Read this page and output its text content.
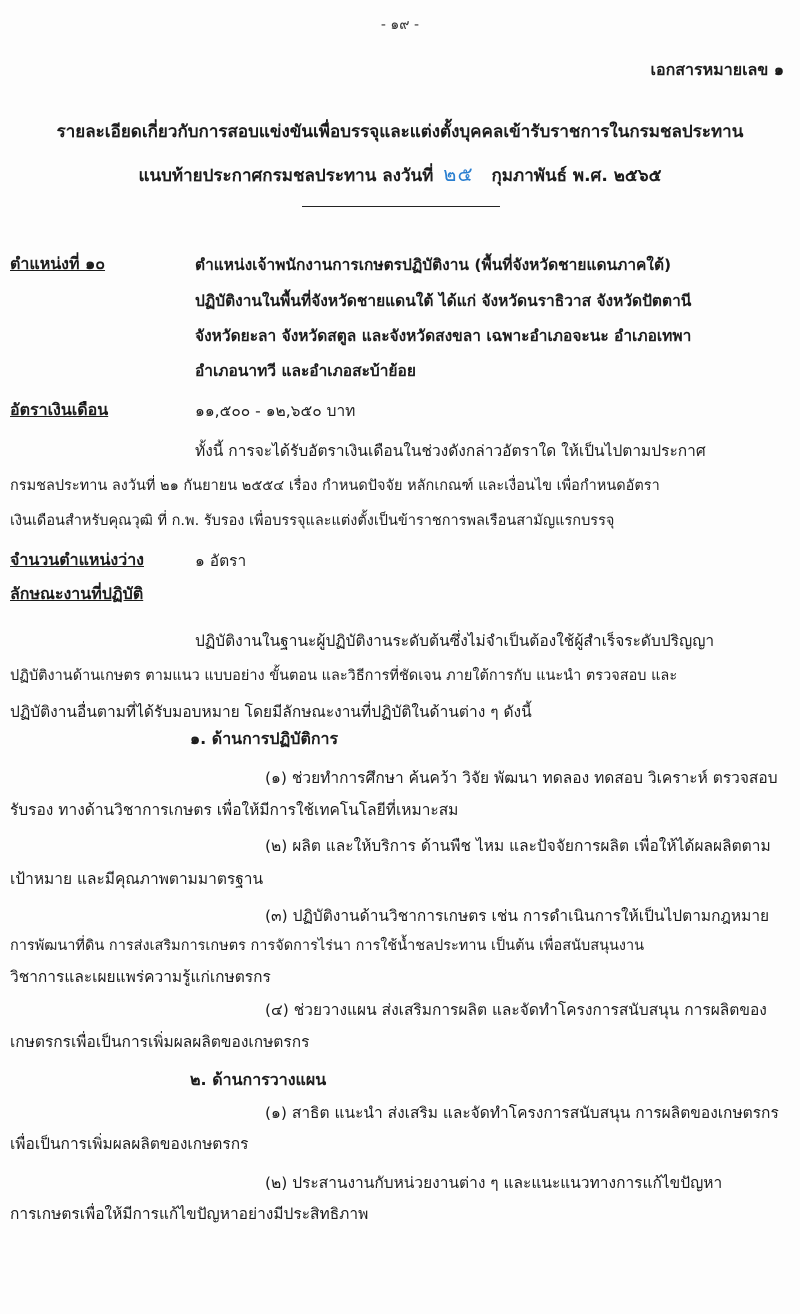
- ๑๙ -
เอกสารหมายเลข ๑
รายละเอียดเกี่ยวกับการสอบแข่งขันเพื่อบรรจุและแต่งตั้งบุคคลเข้ารับราชการในกรมชลประทาน
แนบท้ายประกาศกรมชลประทาน ลงวันที่ ๒๕ กุมภาพันธ์ พ.ศ. ๒๕๖๕
ตำแหน่งที่ ๑๐	ตำแหน่งเจ้าพนักงานการเกษตรปฏิบัติงาน (พื้นที่จังหวัดชายแดนภาคใต้)
ปฏิบัติงานในพื้นที่จังหวัดชายแดนใต้ ได้แก่ จังหวัดนราธิวาส จังหวัดปัตตานี
จังหวัดยะลา จังหวัดสตูล และจังหวัดสงขลา เฉพาะอำเภอจะนะ อำเภอเทพา
อำเภอนาทวี และอำเภอสะบ้าย้อย
อัตราเงินเดือน	๑๑,๕๐๐ - ๑๒,๖๕๐ บาท
ทั้งนี้ การจะได้รับอัตราเงินเดือนในช่วงดังกล่าวอัตราใด ให้เป็นไปตามประกาศ
กรมชลประทาน ลงวันที่ ๒๑ กันยายน ๒๕๕๔ เรื่อง กำหนดปัจจัย หลักเกณฑ์ และเงื่อนไข เพื่อกำหนดอัตรา
เงินเดือนสำหรับคุณวุฒิ ที่ ก.พ. รับรอง เพื่อบรรจุและแต่งตั้งเป็นข้าราชการพลเรือนสามัญแรกบรรจุ
จำนวนตำแหน่งว่าง	๑ อัตรา
ลักษณะงานที่ปฏิบัติ
ปฏิบัติงานในฐานะผู้ปฏิบัติงานระดับต้นซึ่งไม่จำเป็นต้องใช้ผู้สำเร็จระดับปริญญา
ปฏิบัติงานด้านเกษตร ตามแนว แบบอย่าง ขั้นตอน และวิธีการที่ชัดเจน ภายใต้การกับ แนะนำ ตรวจสอบ และ
ปฏิบัติงานอื่นตามที่ได้รับมอบหมาย โดยมีลักษณะงานที่ปฏิบัติในด้านต่าง ๆ ดังนี้
๑. ด้านการปฏิบัติการ
(๑) ช่วยทำการศึกษา ค้นคว้า วิจัย พัฒนา ทดลอง ทดสอบ วิเคราะห์ ตรวจสอบ
รับรอง ทางด้านวิชาการเกษตร เพื่อให้มีการใช้เทคโนโลยีที่เหมาะสม
(๒) ผลิต และให้บริการ ด้านพืช ไหม และปัจจัยการผลิต เพื่อให้ได้ผลผลิตตาม
เป้าหมาย และมีคุณภาพตามมาตรฐาน
(๓) ปฏิบัติงานด้านวิชาการเกษตร เช่น การดำเนินการให้เป็นไปตามกฎหมาย
การพัฒนาที่ดิน การส่งเสริมการเกษตร การจัดการไร่นา การใช้น้ำชลประทาน เป็นต้น เพื่อสนับสนุนงาน
วิชาการและเผยแพร่ความรู้แก่เกษตรกร
(๔) ช่วยวางแผน ส่งเสริมการผลิต และจัดทำโครงการสนับสนุน การผลิตของ
เกษตรกรเพื่อเป็นการเพิ่มผลผลิตของเกษตรกร
๒. ด้านการวางแผน
(๑) สาธิต แนะนำ ส่งเสริม และจัดทำโครงการสนับสนุน การผลิตของเกษตรกร
เพื่อเป็นการเพิ่มผลผลิตของเกษตรกร
(๒) ประสานงานกับหน่วยงานต่าง ๆ และแนะแนวทางการแก้ไขปัญหา
การเกษตรเพื่อให้มีการแก้ไขปัญหาอย่างมีประสิทธิภาพ
